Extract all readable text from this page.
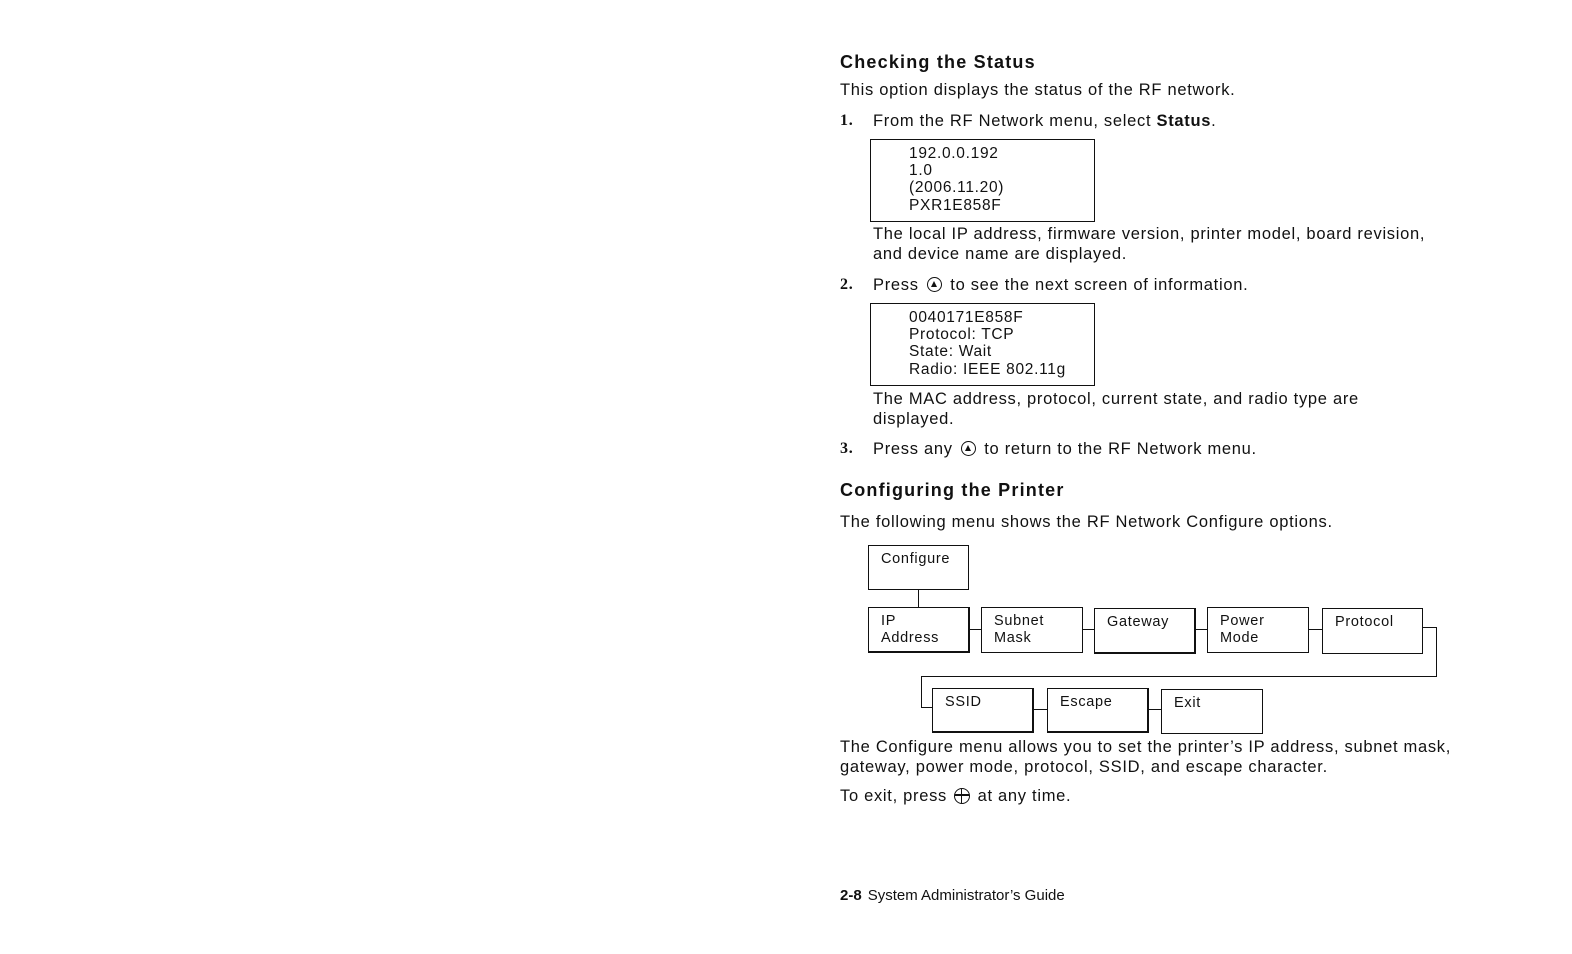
Checking the Status
This option displays the status of the RF network.
1. From the RF Network menu, select Status.
192.0.0.192
1.0
(2006.11.20)
PXR1E858F
The local IP address, firmware version, printer model, board revision,
and device name are displayed.
2. Press to see the next screen of information.
0040171E858F
Protocol: TCP
State: Wait
Radio: IEEE 802.11g
The MAC address, protocol, current state, and radio type are
displayed.
3. Press any to return to the RF Network menu.
Configuring the Printer
The following menu shows the RF Network Configure options.
Configure
IP
Address
Subnet
Mask
Gateway	Power
Mode
Protocol
SSID	Escape	Exit
The Configure menu allows you to set the printer’s IP address, subnet mask,
gateway, power mode, protocol, SSID, and escape character.
To exit, press at any time.
2-8 System Administrator’s Guide
